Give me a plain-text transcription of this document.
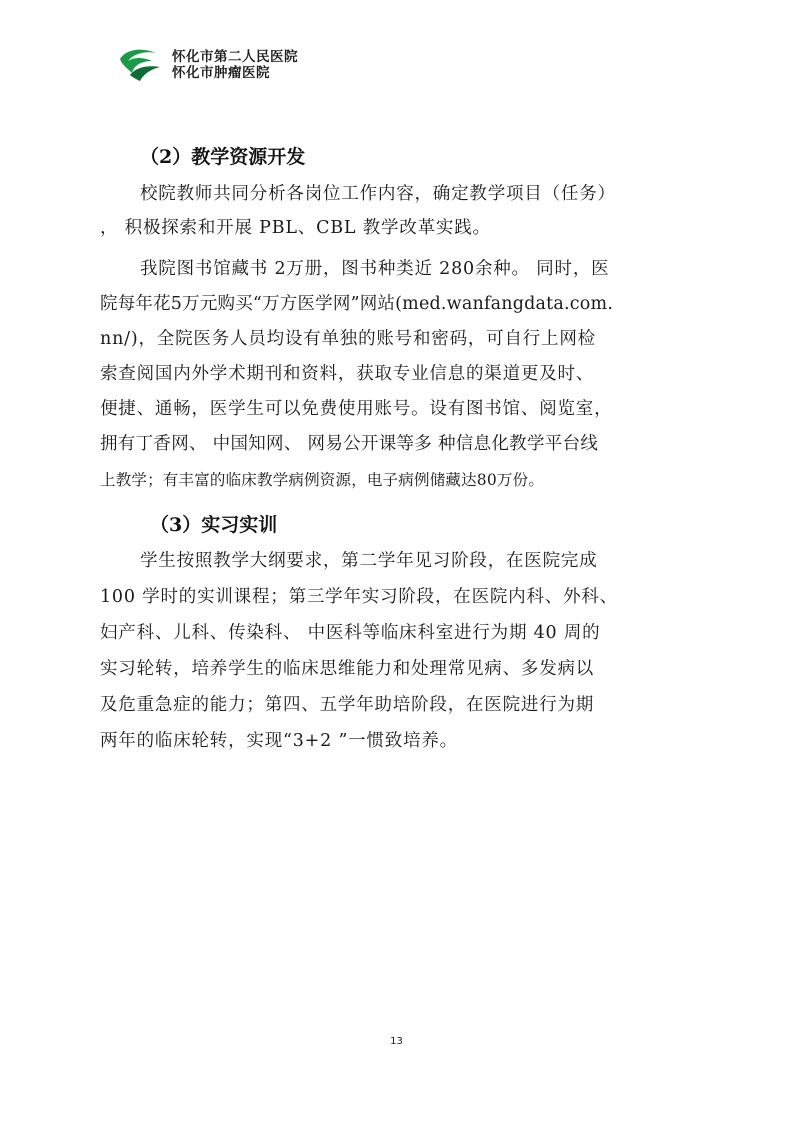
怀化市第二人民医院
怀化市肿瘤医院
（2）教学资源开发
校院教师共同分析各岗位工作内容，确定教学项目（任务）
， 积极探索和开展 PBL、CBL 教学改革实践。
我院图书馆藏书 2万册，图书种类近 280余种。 同时，医
院每年花5万元购买“万方医学网”网站(med.wanfangdata.com.
nn/)，全院医务人员均设有单独的账号和密码，可自行上网检
索查阅国内外学术期刊和资料，获取专业信息的渠道更及时、
便捷、通畅，医学生可以免费使用账号。设有图书馆、阅览室，
拥有丁香网、 中国知网、 网易公开课等多 种信息化教学平台线
上教学；有丰富的临床教学病例资源，电子病例储藏达80万份。
（3）实习实训
学生按照教学大纲要求，第二学年见习阶段，在医院完成
100 学时的实训课程；第三学年实习阶段，在医院内科、外科、
妇产科、儿科、传染科、 中医科等临床科室进行为期 40 周的
实习轮转，培养学生的临床思维能力和处理常见病、多发病以
及危重急症的能力；第四、五学年助培阶段，在医院进行为期
两年的临床轮转，实现“3+2 ”一惯致培养。
13
